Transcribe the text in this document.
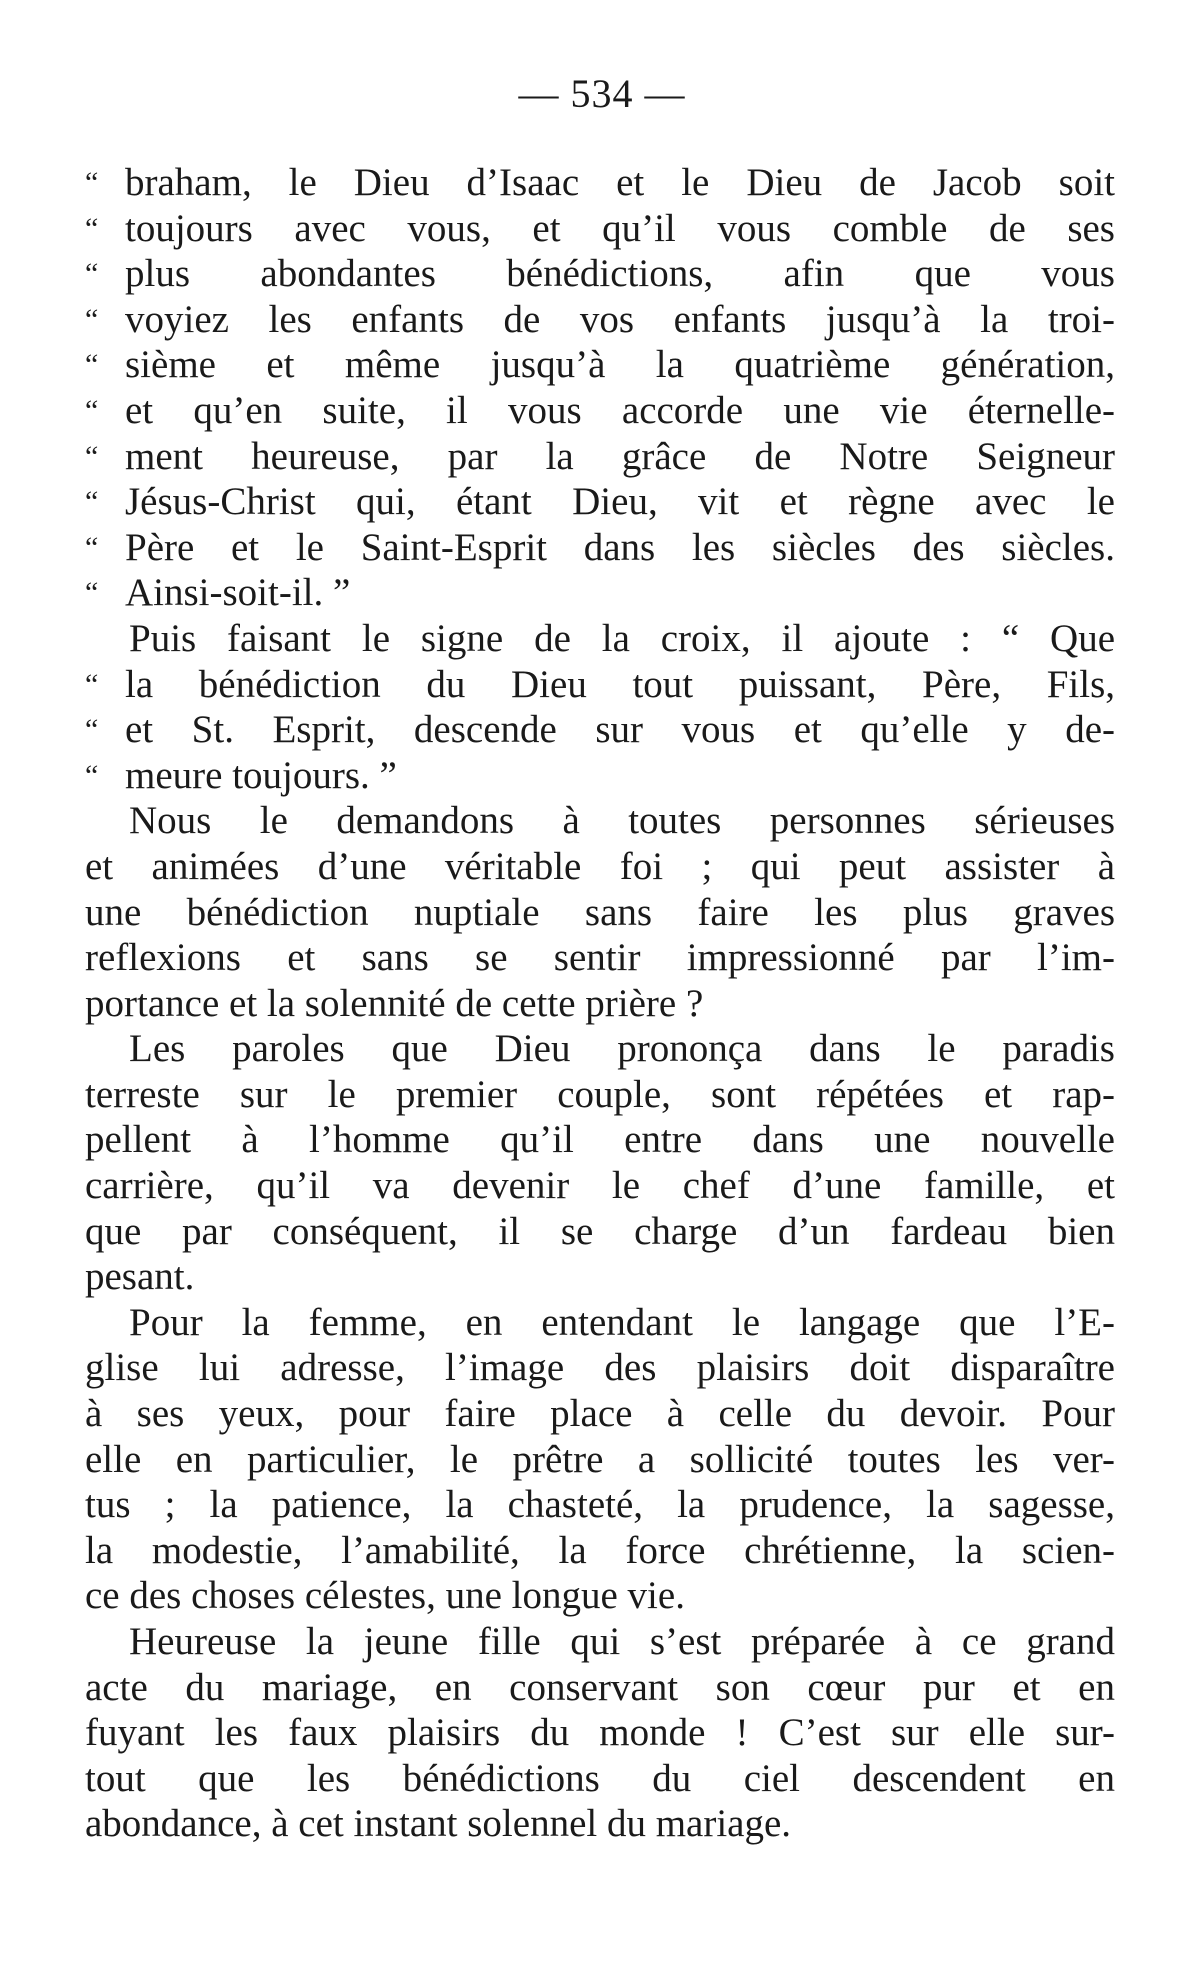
— 534 —
“ braham, le Dieu d’Isaac et le Dieu de Jacob soit
“ toujours avec vous, et qu’il vous comble de ses
“ plus abondantes bénédictions, afin que vous
“ voyiez les enfants de vos enfants jusqu’à la troi-
“ sième et même jusqu’à la quatrième génération,
“ et qu’en suite, il vous accorde une vie éternelle-
“ ment heureuse, par la grâce de Notre Seigneur
“ Jésus-Christ qui, étant Dieu, vit et règne avec le
“ Père et le Saint-Esprit dans les siècles des siècles.
“ Ainsi-soit-il. ”
Puis faisant le signe de la croix, il ajoute : “ Que
“ la bénédiction du Dieu tout puissant, Père, Fils,
“ et St. Esprit, descende sur vous et qu’elle y de-
“ meure toujours. ”
Nous le demandons à toutes personnes sérieuses
et animées d’une véritable foi ; qui peut assister à
une bénédiction nuptiale sans faire les plus graves
reflexions et sans se sentir impressionné par l’im-
portance et la solennité de cette prière ?
Les paroles que Dieu prononça dans le paradis
terreste sur le premier couple, sont répétées et rap-
pellent à l’homme qu’il entre dans une nouvelle
carrière, qu’il va devenir le chef d’une famille, et
que par conséquent, il se charge d’un fardeau bien
pesant.
Pour la femme, en entendant le langage que l’E-
glise lui adresse, l’image des plaisirs doit disparaître
à ses yeux, pour faire place à celle du devoir. Pour
elle en particulier, le prêtre a sollicité toutes les ver-
tus ; la patience, la chasteté, la prudence, la sagesse,
la modestie, l’amabilité, la force chrétienne, la scien-
ce des choses célestes, une longue vie.
Heureuse la jeune fille qui s’est préparée à ce grand
acte du mariage, en conservant son cœur pur et en
fuyant les faux plaisirs du monde ! C’est sur elle sur-
tout que les bénédictions du ciel descendent en
abondance, à cet instant solennel du mariage.
